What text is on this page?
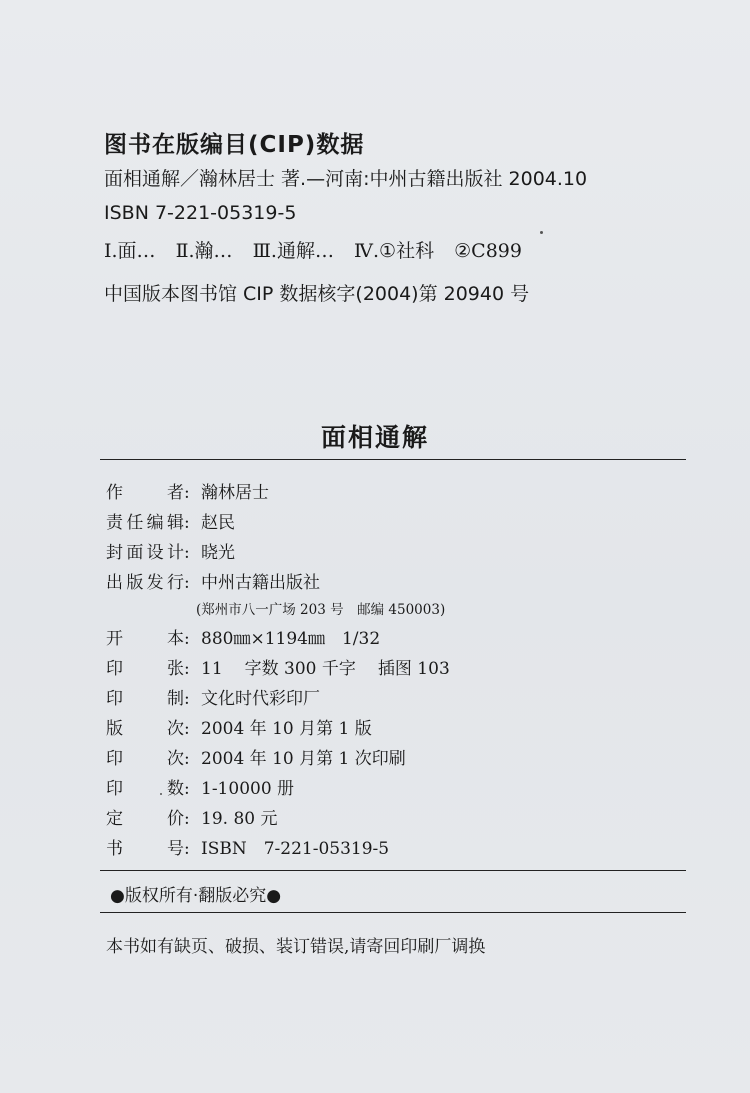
图书在版编目(CIP)数据
面相通解／瀚林居士 著.—河南:中州古籍出版社 2004.10
ISBN 7-221-05319-5
Ⅰ.面… Ⅱ.瀚… Ⅲ.通解… Ⅳ.①社科 ②C899
中国版本图书馆 CIP 数据核字(2004)第 20940 号
面相通解
作	者 : 瀚林居士
责 任 编 辑 : 赵民
封 面 设 计 : 晓光
出 版 发 行 : 中州古籍出版社
(郑州市八一广场 203 号　邮编 450003)
开	本 : 880㎜×1194㎜　1/32
印	张 : 11 字数 300 千字 插图 103
印	制 : 文化时代彩印厂
版	次 : 2004 年 10 月第 1 版
印	次 : 2004 年 10 月第 1 次印刷
印	数 : 1-10000 册
定	价 : 19. 80 元
书	号 : ISBN　7-221-05319-5
●版权所有·翻版必究●
本书如有缺页、破损、装订错误,请寄回印刷厂调换
